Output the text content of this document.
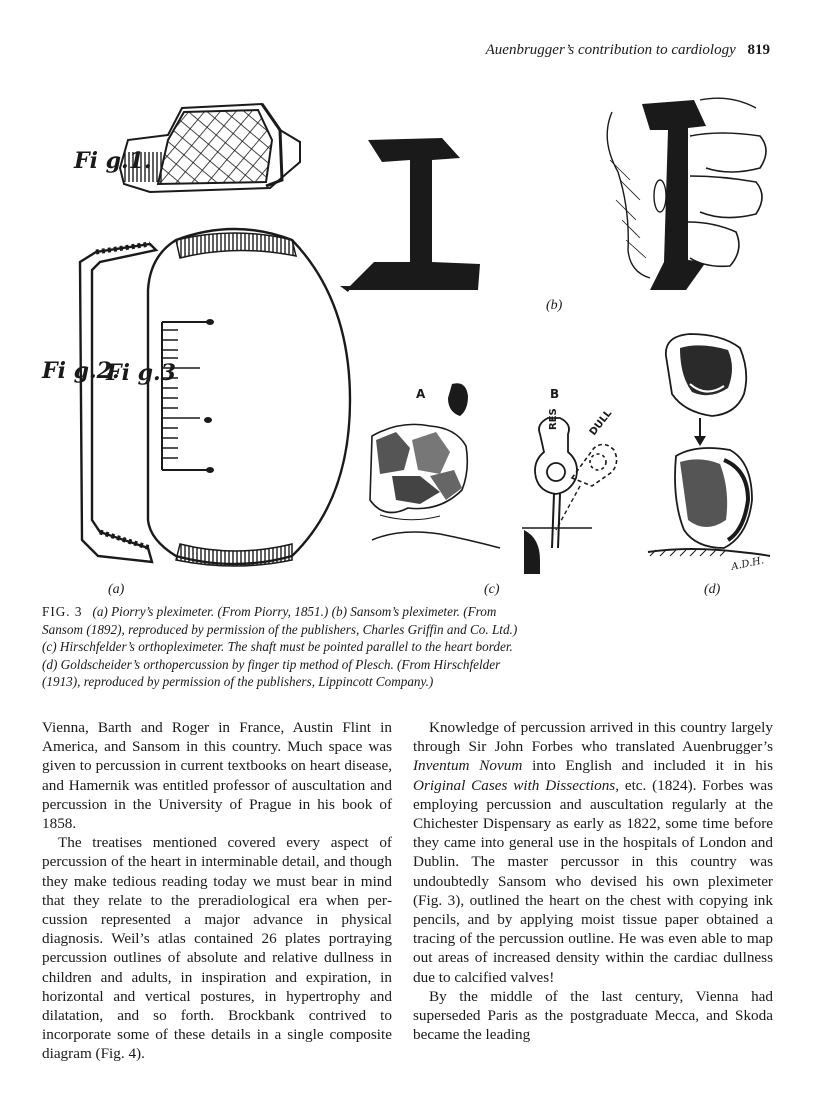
Auenbrugger’s contribution to cardiology 819
Fi g.1.
Fi g.2.
Fi g.3
A	B
RES	DULL
A.D.H.
(a)
(b)
(c)	(d)

FIG. 3 (a) Piorry’s pleximeter. (From Piorry, 1851.) (b) Sansom’s pleximeter. (From

Sansom (1892), reproduced by permission of the publishers, Charles Griffin and Co. Ltd.)

(c) Hirschfelder’s orthopleximeter. The shaft must be pointed parallel to the heart border.

(d) Goldscheider’s orthopercussion by finger tip method of Plesch. (From Hirschfelder

(1913), reproduced by permission of the publishers, Lippincott Company.)

Vienna, Barth and Roger in France, Austin Flint in America, and Sansom in this country. Much space was given to percussion in current textbooks on heart disease, and Hamernik was entitled professor of auscultation and percussion in the University of Prague in his book of 1858.

The treatises mentioned covered every aspect of percussion of the heart in interminable detail, and though they make tedious reading today we must bear in mind that they relate to the preradiological era when percussion represented a major advance in physical diagnosis. Weil’s atlas contained 26 plates portraying percussion outlines of absolute and relative dullness in children and adults, in inspiration and expiration, in horizontal and vertical postures, in hypertrophy and dilatation, and so forth. Brockbank contrived to incorporate some of these details in a single composite diagram (Fig. 4).

Knowledge of percussion arrived in this country largely through Sir John Forbes who translated Auenbrugger’s Inventum Novum into English and included it in his Original Cases with Dissections, etc. (1824). Forbes was employing percussion and auscultation regularly at the Chichester Dispensary as early as 1822, some time before they came into general use in the hospitals of London and Dublin. The master percussor in this country was undoubtedly Sansom who devised his own pleximeter (Fig. 3), outlined the heart on the chest with copying ink pencils, and by applying moist tissue paper obtained a tracing of the percussion outline. He was even able to map out areas of increased density within the cardiac dullness due to calcified valves!

By the middle of the last century, Vienna had superseded Paris as the postgraduate Mecca, and Skoda became the leading
